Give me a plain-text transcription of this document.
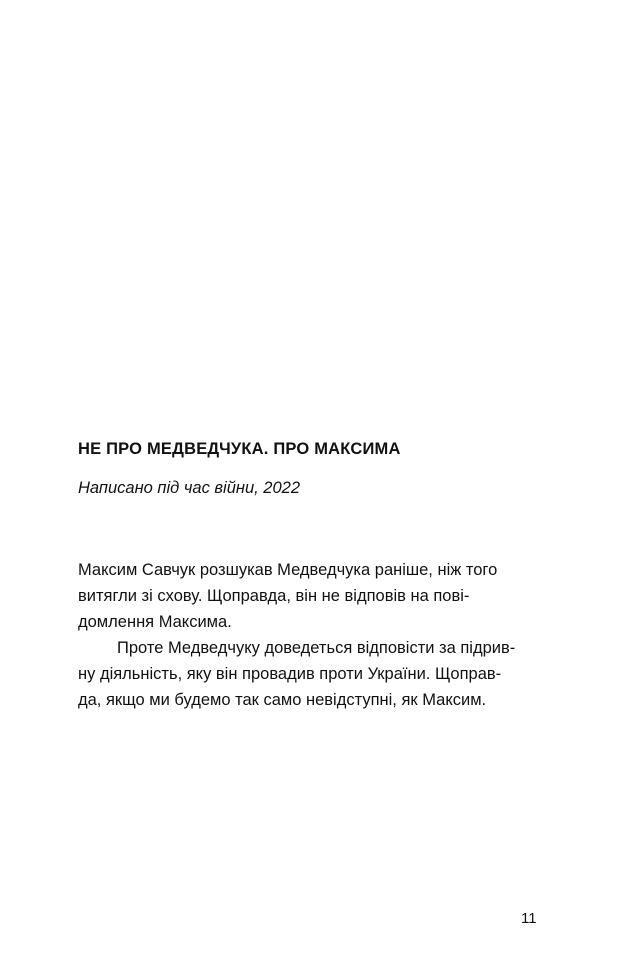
НЕ ПРО МЕДВЕДЧУКА. ПРО МАКСИМА

Написано під час війни, 2022

Максим Савчук розшукав Медведчука раніше, ніж того
витягли зі схову. Щоправда, він не відповів на пові-
домлення Максима.
Проте Медведчуку доведеться відповісти за підрив-
ну діяльність, яку він провадив проти України. Щоправ-
да, якщо ми будемо так само невідступні, як Максим.
11
